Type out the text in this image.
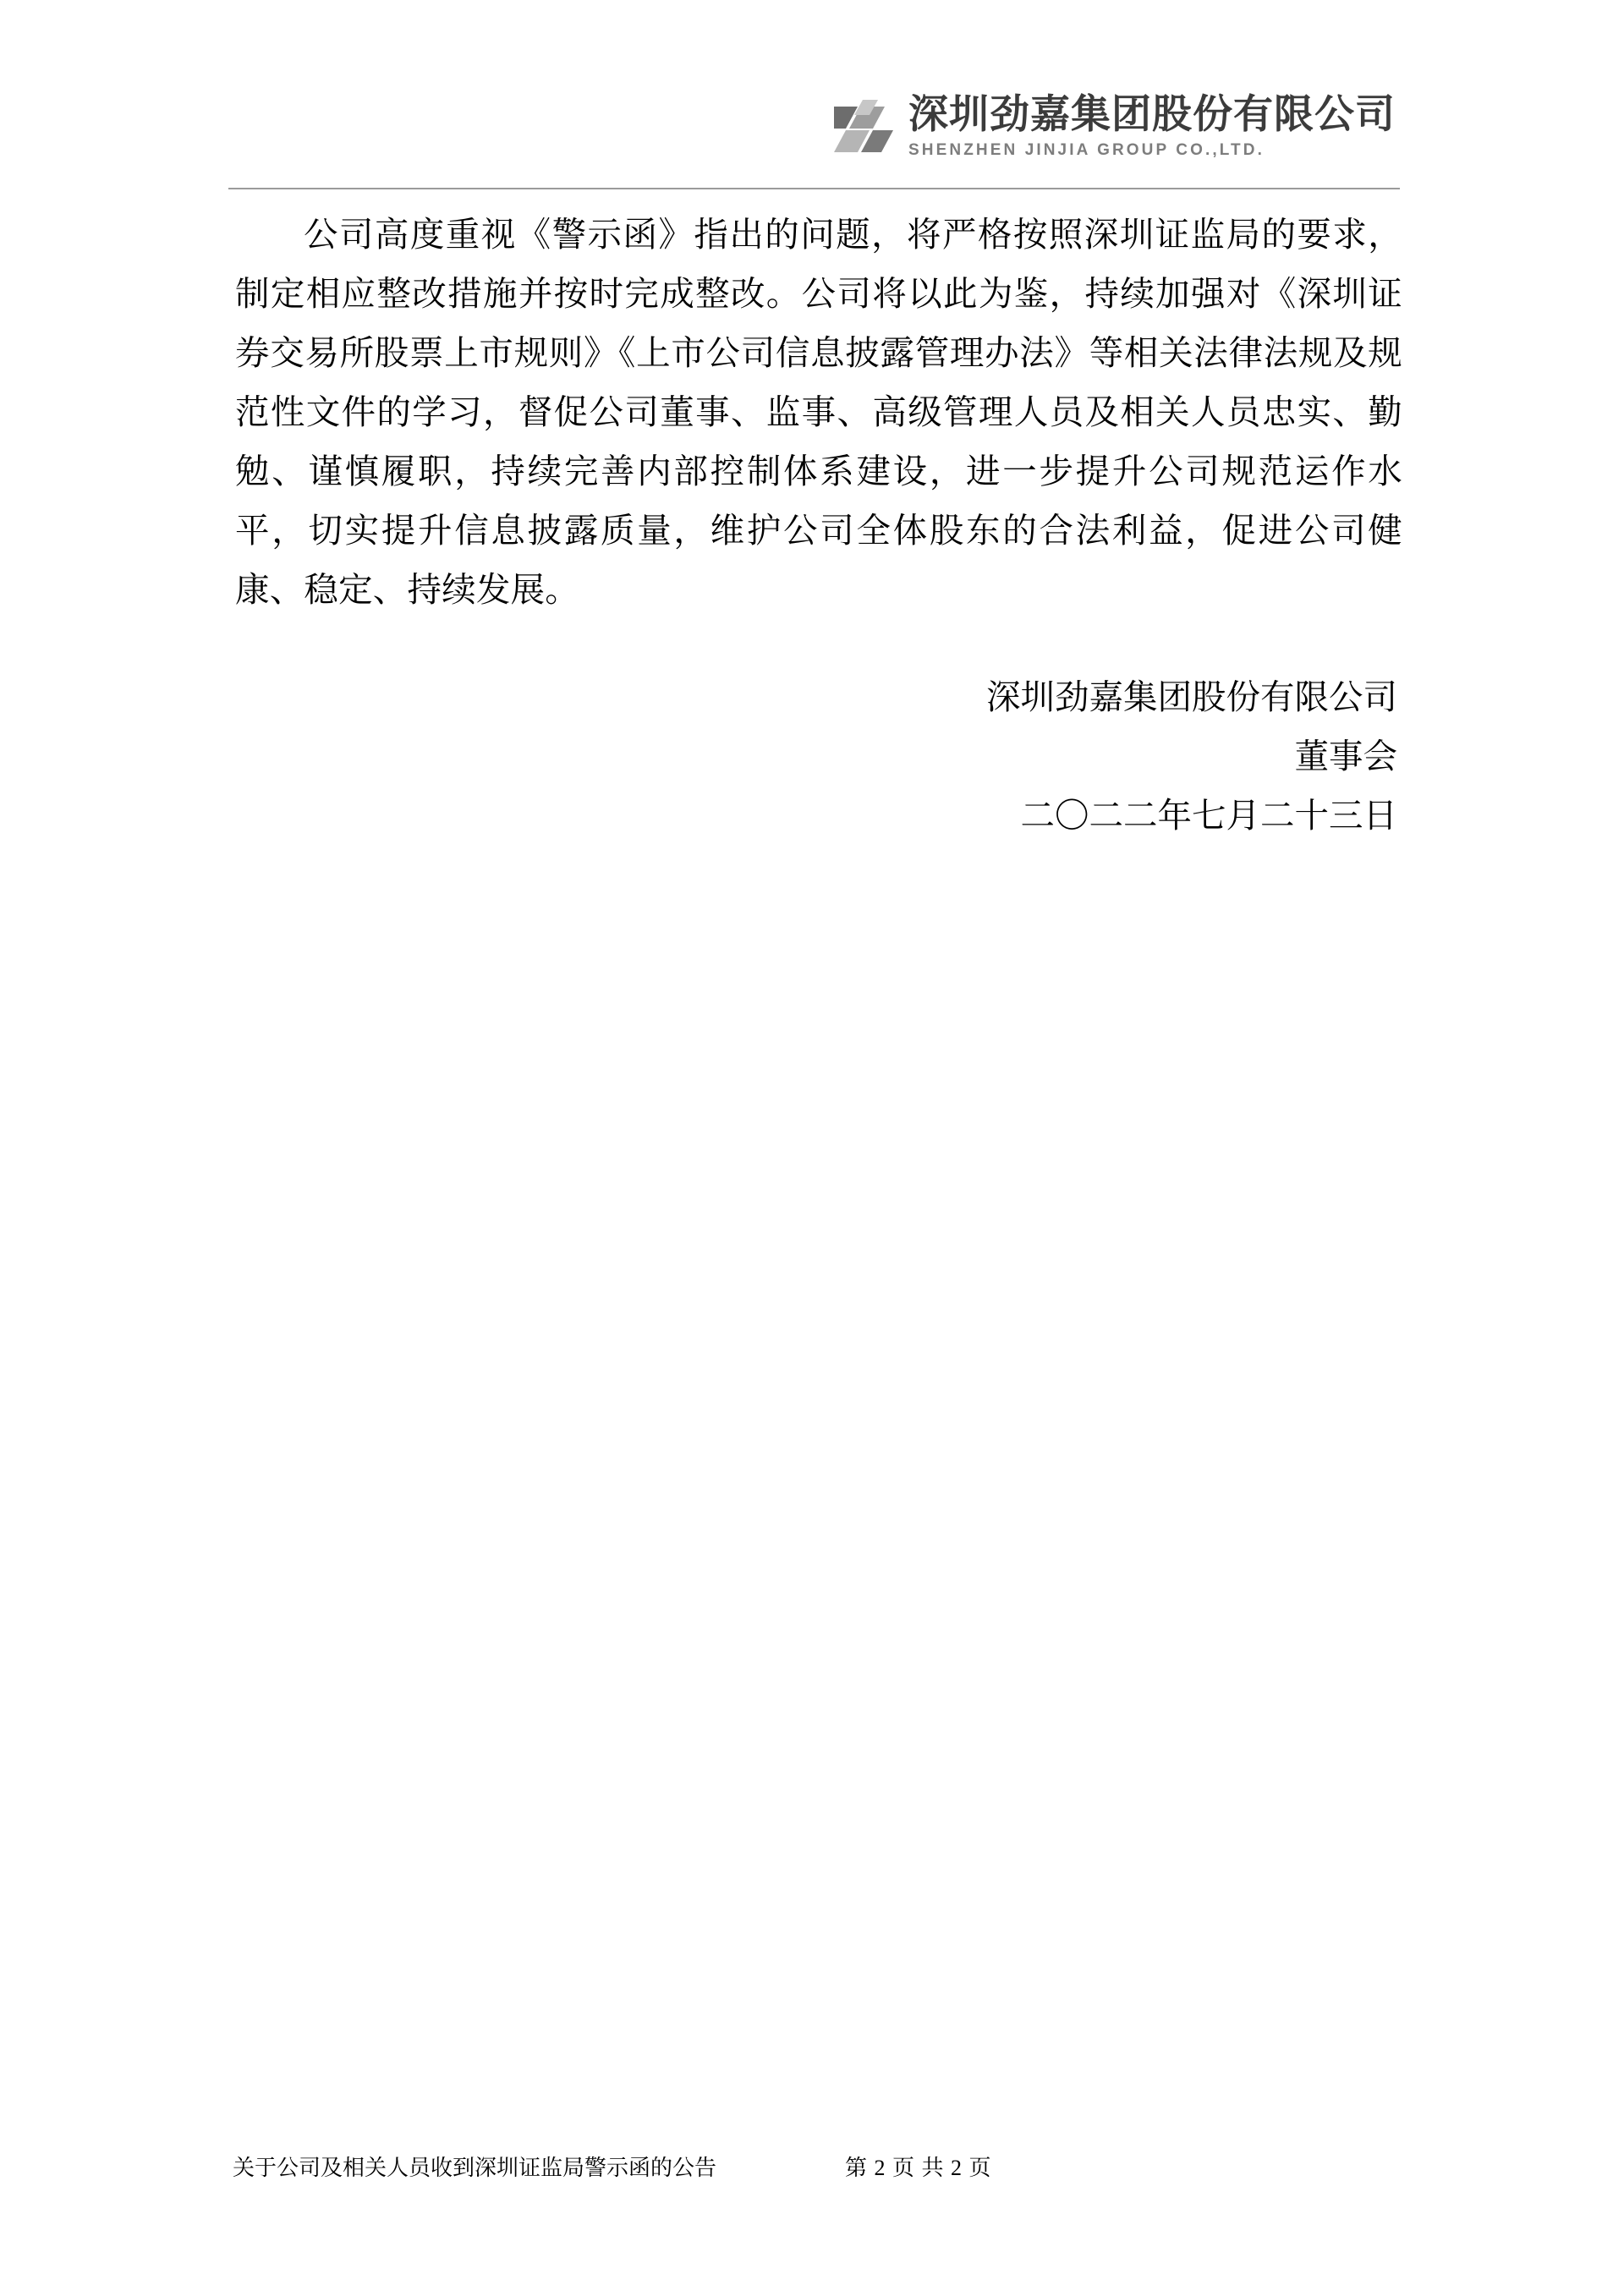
深圳劲嘉集团股份有限公司
SHENZHEN JINJIA GROUP CO.,LTD.

公司高度重视《警示函》指出的问题，将严格按照深圳证监局的要求，制定相应整改措施并按时完成整改。公司将以此为鉴，持续加强对《深圳证券交易所股票上市规则》《上市公司信息披露管理办法》等相关法律法规及规范性文件的学习，督促公司董事、监事、高级管理人员及相关人员忠实、勤勉、谨慎履职，持续完善内部控制体系建设，进一步提升公司规范运作水平，切实提升信息披露质量，维护公司全体股东的合法利益，促进公司健康、稳定、持续发展。

深圳劲嘉集团股份有限公司
董事会
二〇二二年七月二十三日
关于公司及相关人员收到深圳证监局警示函的公告	第 2 页 共 2 页
